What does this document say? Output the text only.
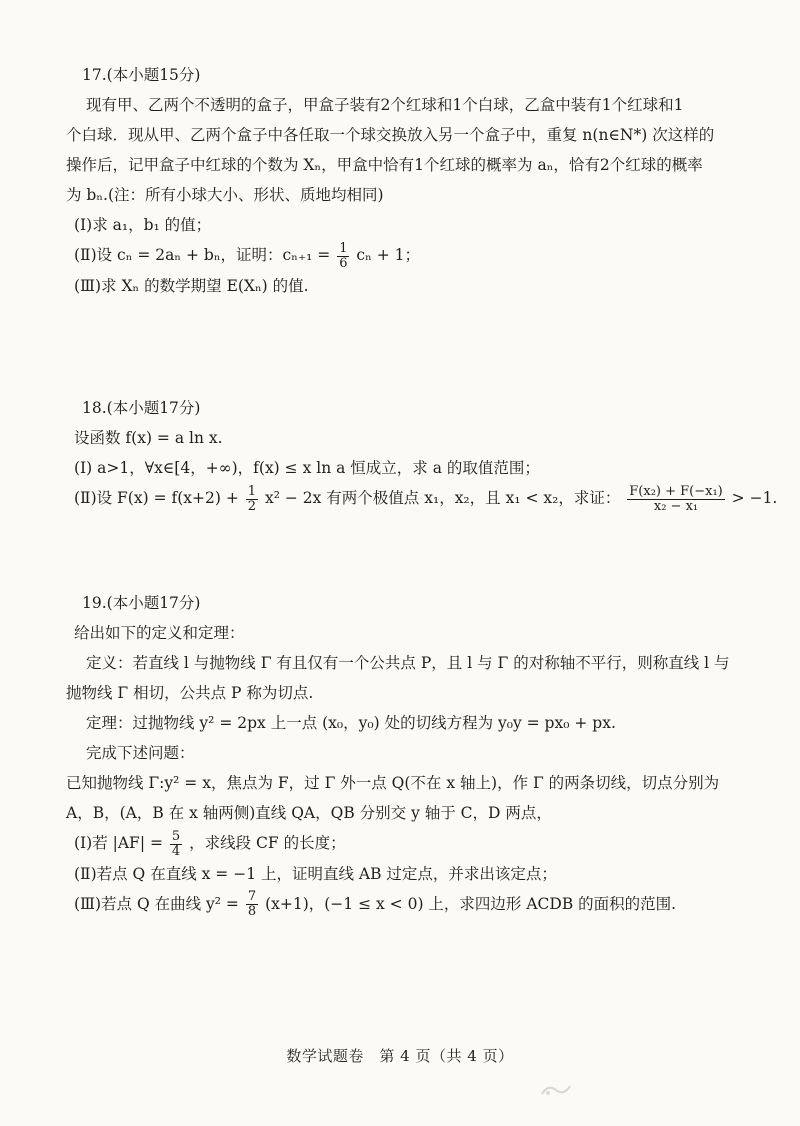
17.(本小题15分)
现有甲、乙两个不透明的盒子，甲盒子装有2个红球和1个白球，乙盒中装有1个红球和1
个白球．现从甲、乙两个盒子中各任取一个球交换放入另一个盒子中，重复 n(n∈N*) 次这样的
操作后，记甲盒子中红球的个数为 Xₙ，甲盒中恰有1个红球的概率为 aₙ，恰有2个红球的概率
为 bₙ.(注：所有小球大小、形状、质地均相同)
(Ⅰ)求 a₁，b₁ 的值；
(Ⅱ)设 cₙ = 2aₙ + bₙ，证明：$c_{n+1} = \frac{1}{6}$ cₙ + 1；
(Ⅲ)求 Xₙ 的数学期望 E(Xₙ) 的值.
18.(本小题17分)
设函数 f(x) = a ln x.
(Ⅰ) a>1，∀x∈[4，+∞)，f(x) ≤ x ln a 恒成立，求 a 的取值范围；
(Ⅱ)设 $F(x) = f(x+2) + \frac{1}{2} x^2 - 2x$ 有两个极值点 x₁，x₂，且 x₁ < x₂，求证： $\frac{\text{F(x₂) + F(−x₁)}}{\text{x₂ − x₁}} > -1$.
19.(本小题17分)
给出如下的定义和定理：
定义：若直线 l 与抛物线 Γ 有且仅有一个公共点 P，且 l 与 Γ 的对称轴不平行，则称直线 l 与
抛物线 Γ 相切，公共点 P 称为切点.
定理：过抛物线 y² = 2px 上一点 (x₀，y₀) 处的切线方程为 y₀y = px₀ + px.
完成下述问题：
已知抛物线 Γ:y² = x，焦点为 F，过 Γ 外一点 Q(不在 x 轴上)，作 Γ 的两条切线，切点分别为
A，B，(A，B 在 x 轴两侧)直线 QA，QB 分别交 y 轴于 C，D 两点，
(Ⅰ)若 $|AF| = \frac{5}{4}$ ，求线段 CF 的长度；
(Ⅱ)若点 Q 在直线 x = −1 上，证明直线 AB 过定点，并求出该定点；
(Ⅲ)若点 Q 在曲线 $y^2 = \frac{7}{8} (x+1)$，(−1 ≤ x < 0) 上，求四边形 ACDB 的面积的范围.
数学试题卷　第 4 页（共 4 页）
